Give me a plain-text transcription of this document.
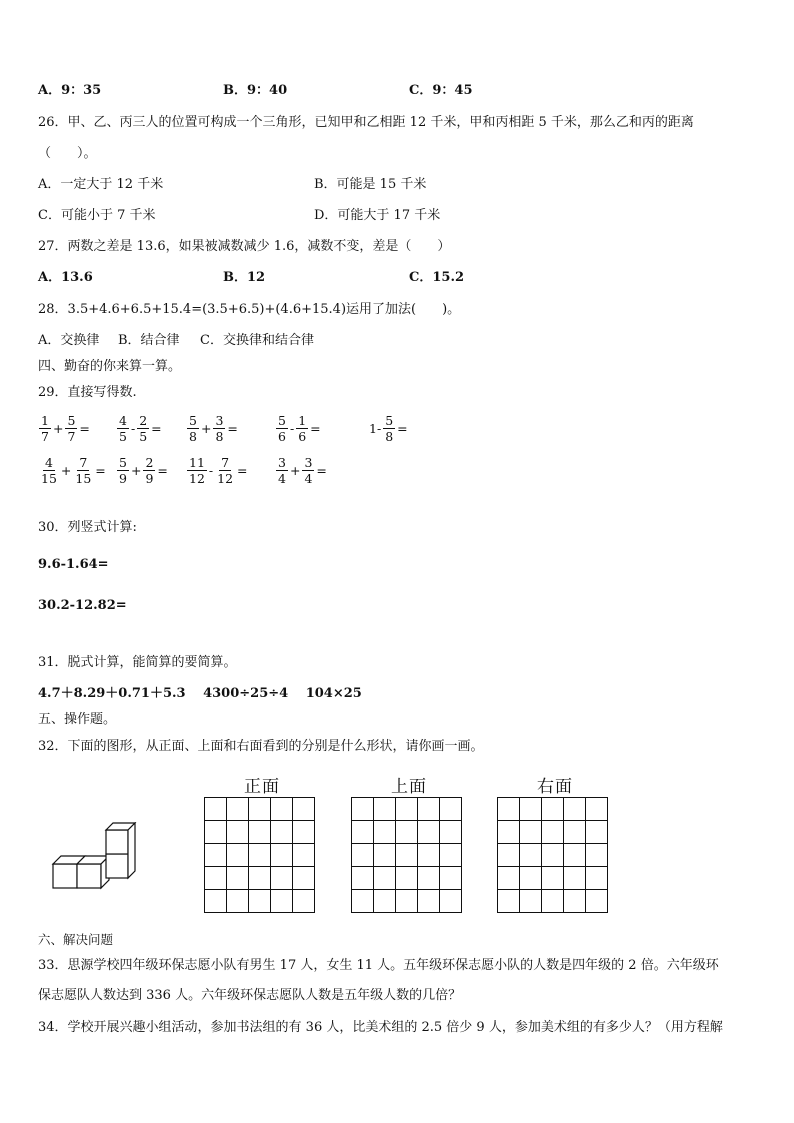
A．9：35	B．9：40	C．9：45
26．甲、乙、丙三人的位置可构成一个三角形，已知甲和乙相距 12 千米，甲和丙相距 5 千米，那么乙和丙的距离
（　　）。
A．一定大于 12 千米	B．可能是 15 千米
C．可能小于 7 千米	D．可能大于 17 千米
27．两数之差是 13.6，如果被减数减少 1.6，减数不变，差是（　　）
A．13.6	B．12	C．15.2
28．3.5+4.6+6.5+15.4=(3.5+6.5)+(4.6+15.4)运用了加法(　　)。
A．交换律 B．结合律 C．交换律和结合律
四、勤奋的你来算一算。
29．直接写得数.
$\frac{1}{7} + \frac{5}{7} = \frac{4}{5} - \frac{2}{5} = \frac{5}{8} + \frac{3}{8}$ =	$\frac{5}{6} - \frac{1}{6}$ =	$1- \frac{5}{8}$ =
$\frac{4}{15} + \frac{7}{15} = \frac{5}{9} + \frac{2}{9} = \frac{11}{12} - \frac{7}{12} = \frac{3}{4} + \frac{3}{4}$ =
30．列竖式计算:
9.6-1.64=
30.2-12.82=
31．脱式计算，能简算的要简算。
4.7＋8.29＋0.71＋5.3　 4300÷25÷4　 104×25
五、操作题。
32．下面的图形，从正面、上面和右面看到的分别是什么形状，请你画一画。
正面

					上面

					右面

六、解决问题
33．思源学校四年级环保志愿小队有男生 17 人，女生 11 人。五年级环保志愿小队的人数是四年级的 2 倍。六年级环
保志愿队人数达到 336 人。六年级环保志愿队人数是五年级人数的几倍？
34．学校开展兴趣小组活动，参加书法组的有 36 人，比美术组的 2.5 倍少 9 人，参加美术组的有多少人？（用方程解
